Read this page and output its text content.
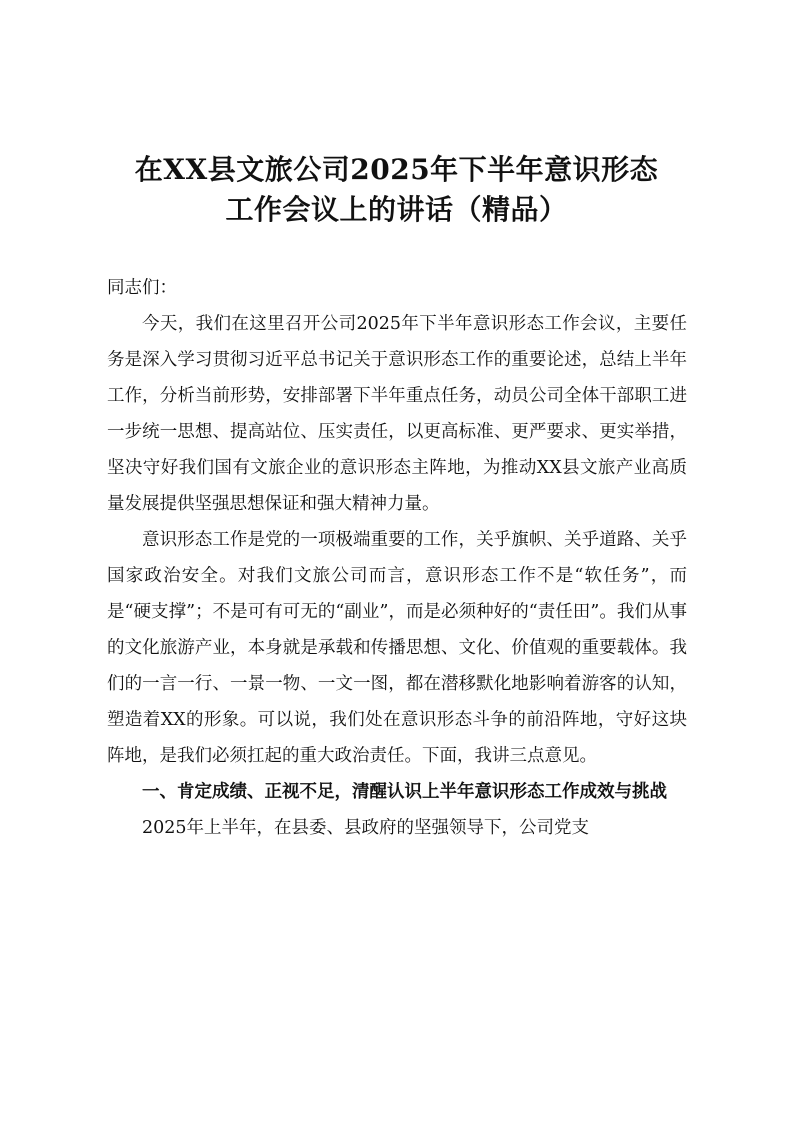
在XX县文旅公司2025年下半年意识形态
工作会议上的讲话（精品）

同志们：

今天，我们在这里召开公司2025年下半年意识形态工作会议，主要任务是深入学习贯彻习近平总书记关于意识形态工作的重要论述，总结上半年工作，分析当前形势，安排部署下半年重点任务，动员公司全体干部职工进一步统一思想、提高站位、压实责任，以更高标准、更严要求、更实举措，坚决守好我们国有文旅企业的意识形态主阵地，为推动XX县文旅产业高质量发展提供坚强思想保证和强大精神力量。

意识形态工作是党的一项极端重要的工作，关乎旗帜、关乎道路、关乎国家政治安全。对我们文旅公司而言，意识形态工作不是“软任务”，而是“硬支撑”；不是可有可无的“副业”，而是必须种好的“责任田”。我们从事的文化旅游产业，本身就是承载和传播思想、文化、价值观的重要载体。我们的一言一行、一景一物、一文一图，都在潜移默化地影响着游客的认知，塑造着XX的形象。可以说，我们处在意识形态斗争的前沿阵地，守好这块阵地，是我们必须扛起的重大政治责任。下面，我讲三点意见。

一、肯定成绩、正视不足，清醒认识上半年意识形态工作成效与挑战

2025年上半年，在县委、县政府的坚强领导下，公司党支
